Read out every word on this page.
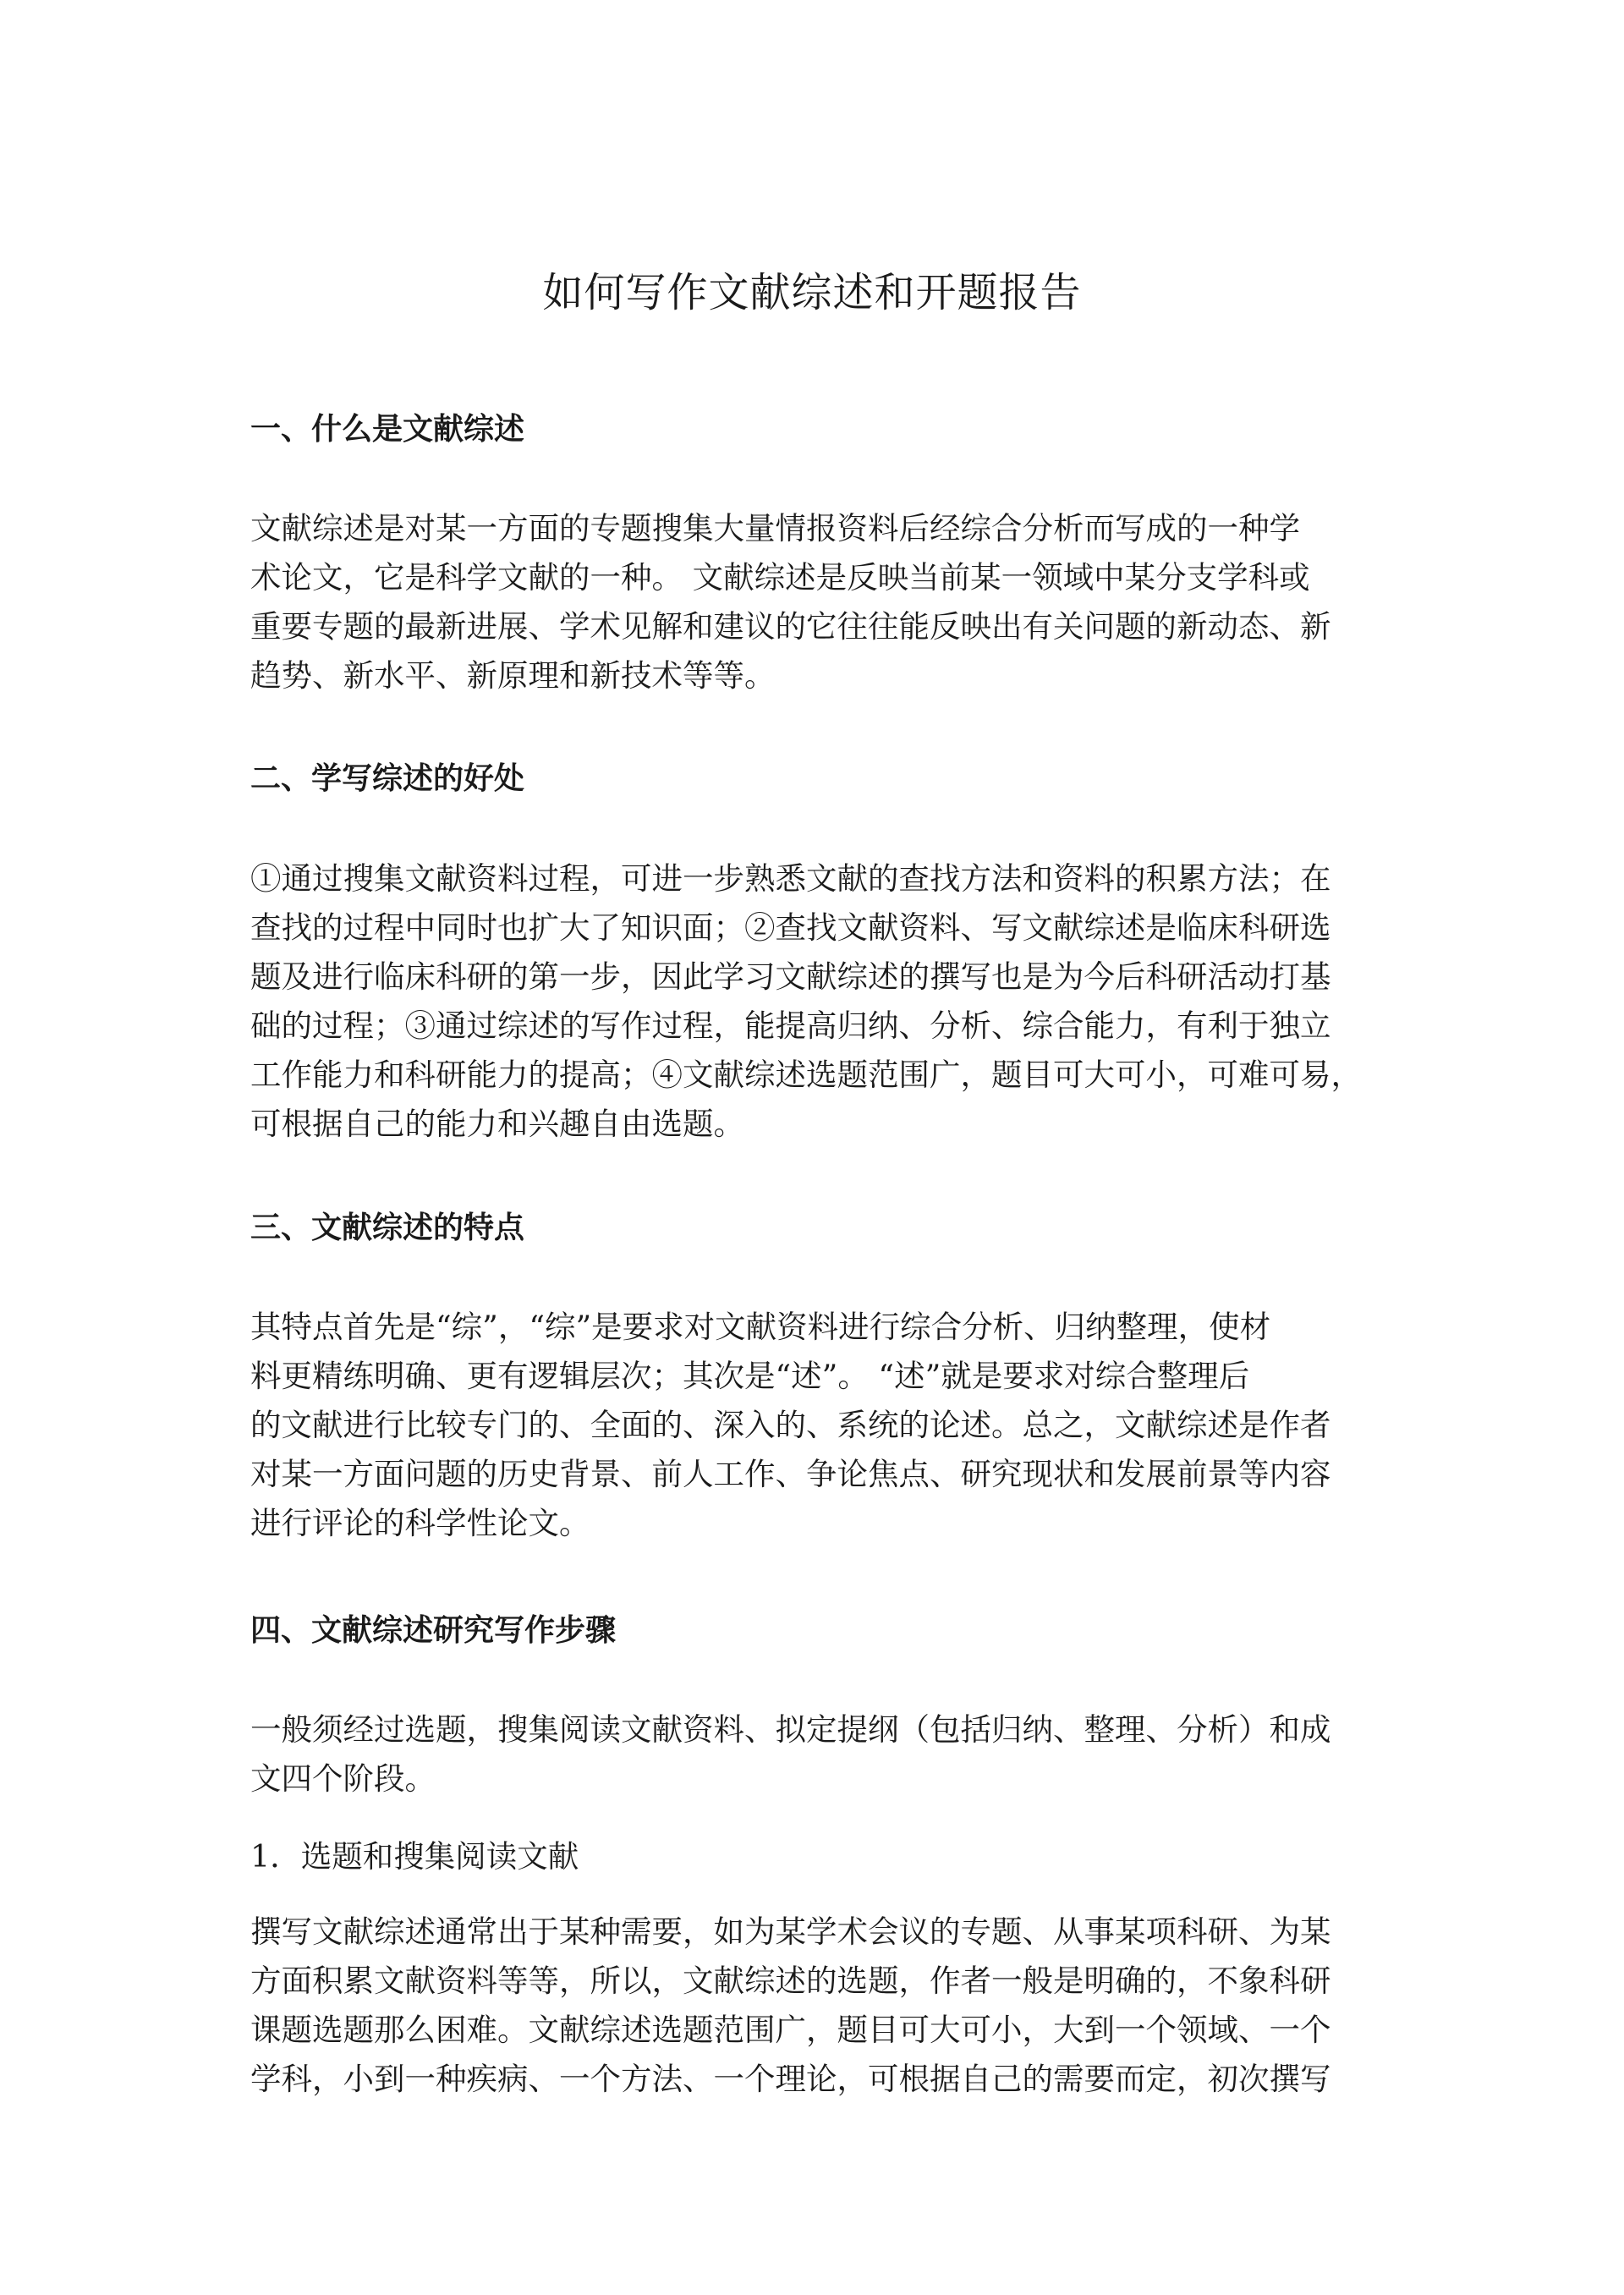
如何写作文献综述和开题报告
一、什么是文献综述
文献综述是对某一方面的专题搜集大量情报资料后经综合分析而写成的一种学
术论文，它是科学文献的一种。 文献综述是反映当前某一领域中某分支学科或
重要专题的最新进展、学术见解和建议的它往往能反映出有关问题的新动态、新
趋势、新水平、新原理和新技术等等。
二、学写综述的好处
①通过搜集文献资料过程，可进一步熟悉文献的查找方法和资料的积累方法；在
查找的过程中同时也扩大了知识面；②查找文献资料、写文献综述是临床科研选
题及进行临床科研的第一步，因此学习文献综述的撰写也是为今后科研活动打基
础的过程；③通过综述的写作过程，能提高归纳、分析、综合能力，有利于独立
工作能力和科研能力的提高；④文献综述选题范围广，题目可大可小，可难可易，
可根据自己的能力和兴趣自由选题。
三、文献综述的特点
其特点首先是“综”，“综”是要求对文献资料进行综合分析、归纳整理，使材
料更精练明确、更有逻辑层次；其次是“述”。 “述”就是要求对综合整理后
的文献进行比较专门的、全面的、深入的、系统的论述。总之，文献综述是作者
对某一方面问题的历史背景、前人工作、争论焦点、研究现状和发展前景等内容
进行评论的科学性论文。
四、文献综述研究写作步骤
一般须经过选题，搜集阅读文献资料、拟定提纲（包括归纳、整理、分析）和成
文四个阶段。
1．选题和搜集阅读文献
撰写文献综述通常出于某种需要，如为某学术会议的专题、从事某项科研、为某
方面积累文献资料等等，所以，文献综述的选题，作者一般是明确的，不象科研
课题选题那么困难。文献综述选题范围广，题目可大可小，大到一个领域、一个
学科，小到一种疾病、一个方法、一个理论，可根据自己的需要而定，初次撰写
